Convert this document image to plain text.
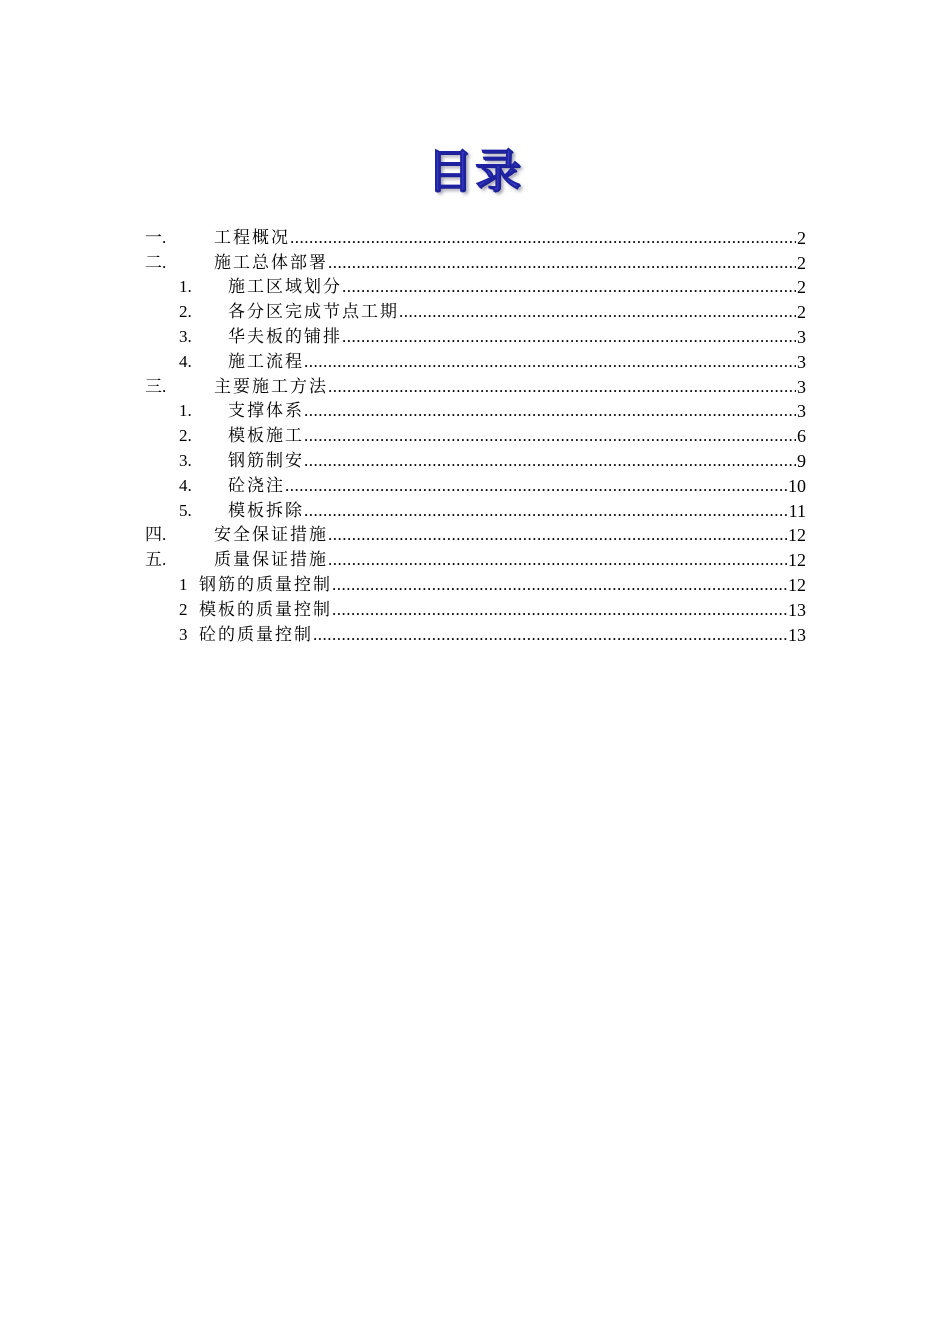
目录
一.	工程概况 .....	2
二.	施工总体部署 .....	2
1.	施工区域划分 .....	2
2.	各分区完成节点工期 .....	2
3.	华夫板的铺排 .....	3
4.	施工流程 .....	3
三.	主要施工方法 .....	3
1.	支撑体系 .....	3
2.	模板施工 .....	6
3.	钢筋制安 .....	9
4.	砼浇注 .....	10
5.	模板拆除 .....	11
四.	安全保证措施 .....	12
五.	质量保证措施 .....	12
1 钢筋的质量控制 .....	12
2 模板的质量控制 .....	13
3 砼的质量控制 .....	13
